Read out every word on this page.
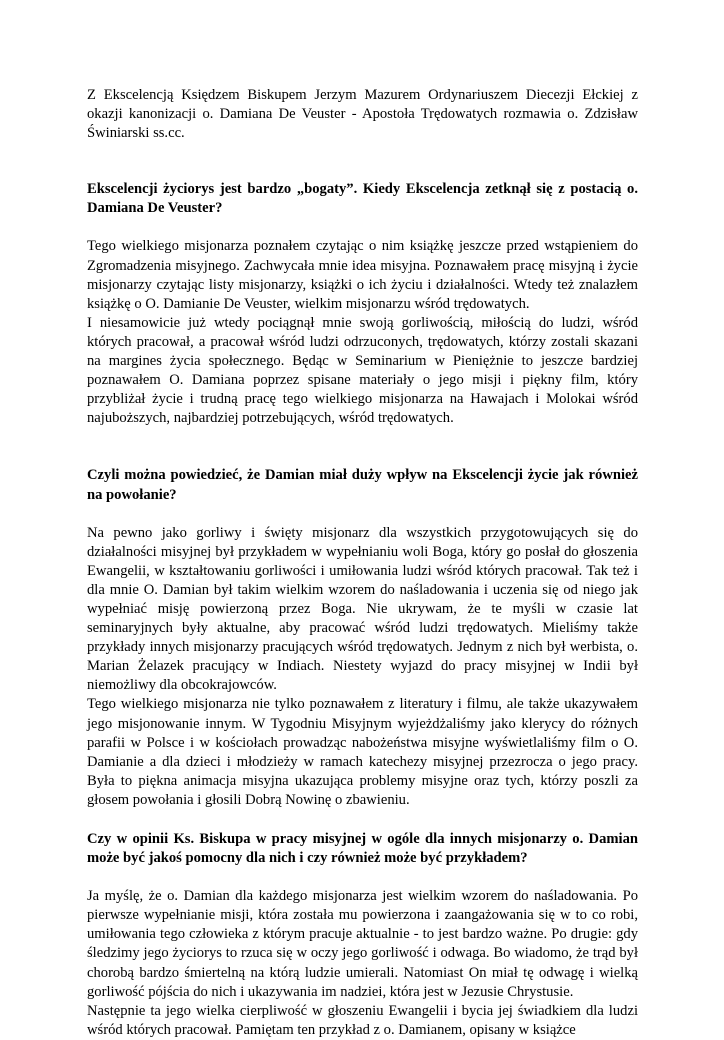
Z Ekscelencją Księdzem Biskupem Jerzym Mazurem Ordynariuszem Diecezji Ełckiej z okazji kanonizacji o. Damiana De Veuster - Apostoła Trędowatych rozmawia o. Zdzisław Świniarski ss.cc.

Ekscelencji życiorys jest bardzo „bogaty”. Kiedy Ekscelencja zetknął się z postacią o. Damiana De Veuster?

Tego wielkiego misjonarza poznałem czytając o nim książkę jeszcze przed wstąpieniem do Zgromadzenia misyjnego. Zachwycała mnie idea misyjna. Poznawałem pracę misyjną i życie misjonarzy czytając listy misjonarzy, książki o ich życiu i działalności. Wtedy też znalazłem książkę o O. Damianie De Veuster, wielkim misjonarzu wśród trędowatych.

I niesamowicie już wtedy pociągnął mnie swoją gorliwością, miłością do ludzi, wśród których pracował, a pracował wśród ludzi odrzuconych, trędowatych, którzy zostali skazani na margines życia społecznego. Będąc w Seminarium w Pieniężnie to jeszcze bardziej poznawałem O. Damiana poprzez spisane materiały o jego misji i piękny film, który przybliżał życie i trudną pracę tego wielkiego misjonarza na Hawajach i Molokai wśród najuboższych, najbardziej potrzebujących, wśród trędowatych.

Czyli można powiedzieć, że Damian miał duży wpływ na Ekscelencji życie jak również na powołanie?

Na pewno jako gorliwy i święty misjonarz dla wszystkich przygotowujących się do działalności misyjnej był przykładem w wypełnianiu woli Boga, który go posłał do głoszenia Ewangelii, w kształtowaniu gorliwości i umiłowania ludzi wśród których pracował. Tak też i dla mnie O. Damian był takim wielkim wzorem do naśladowania i uczenia się od niego jak wypełniać misję powierzoną przez Boga. Nie ukrywam, że te myśli w czasie lat seminaryjnych były aktualne, aby pracować wśród ludzi trędowatych. Mieliśmy także przykłady innych misjonarzy pracujących wśród trędowatych. Jednym z nich był werbista, o. Marian Żelazek pracujący w Indiach. Niestety wyjazd do pracy misyjnej w Indii był niemożliwy dla obcokrajowców.

Tego wielkiego misjonarza nie tylko poznawałem z literatury i filmu, ale także ukazywałem jego misjonowanie innym. W Tygodniu Misyjnym wyjeżdżaliśmy jako klerycy do różnych parafii w Polsce i w kościołach prowadząc nabożeństwa misyjne wyświetlaliśmy film o O. Damianie a dla dzieci i młodzieży w ramach katechezy misyjnej przezrocza o jego pracy. Była to piękna animacja misyjna ukazująca problemy misyjne oraz tych, którzy poszli za głosem powołania i głosili Dobrą Nowinę o zbawieniu.

Czy w opinii Ks. Biskupa w pracy misyjnej w ogóle dla innych misjonarzy o. Damian może być jakoś pomocny dla nich i czy również może być przykładem?

Ja myślę, że o. Damian dla każdego misjonarza jest wielkim wzorem do naśladowania. Po pierwsze wypełnianie misji, która została mu powierzona i zaangażowania się w to co robi, umiłowania tego człowieka z którym pracuje aktualnie - to jest bardzo ważne. Po drugie: gdy śledzimy jego życiorys to rzuca się w oczy jego gorliwość i odwaga. Bo wiadomo, że trąd był chorobą bardzo śmiertelną na którą ludzie umierali. Natomiast On miał tę odwagę i wielką gorliwość pójścia do nich i ukazywania im nadziei, która jest w Jezusie Chrystusie.

Następnie ta jego wielka cierpliwość w głoszeniu Ewangelii i bycia jej świadkiem dla ludzi wśród których pracował. Pamiętam ten przykład z o. Damianem, opisany w książce
